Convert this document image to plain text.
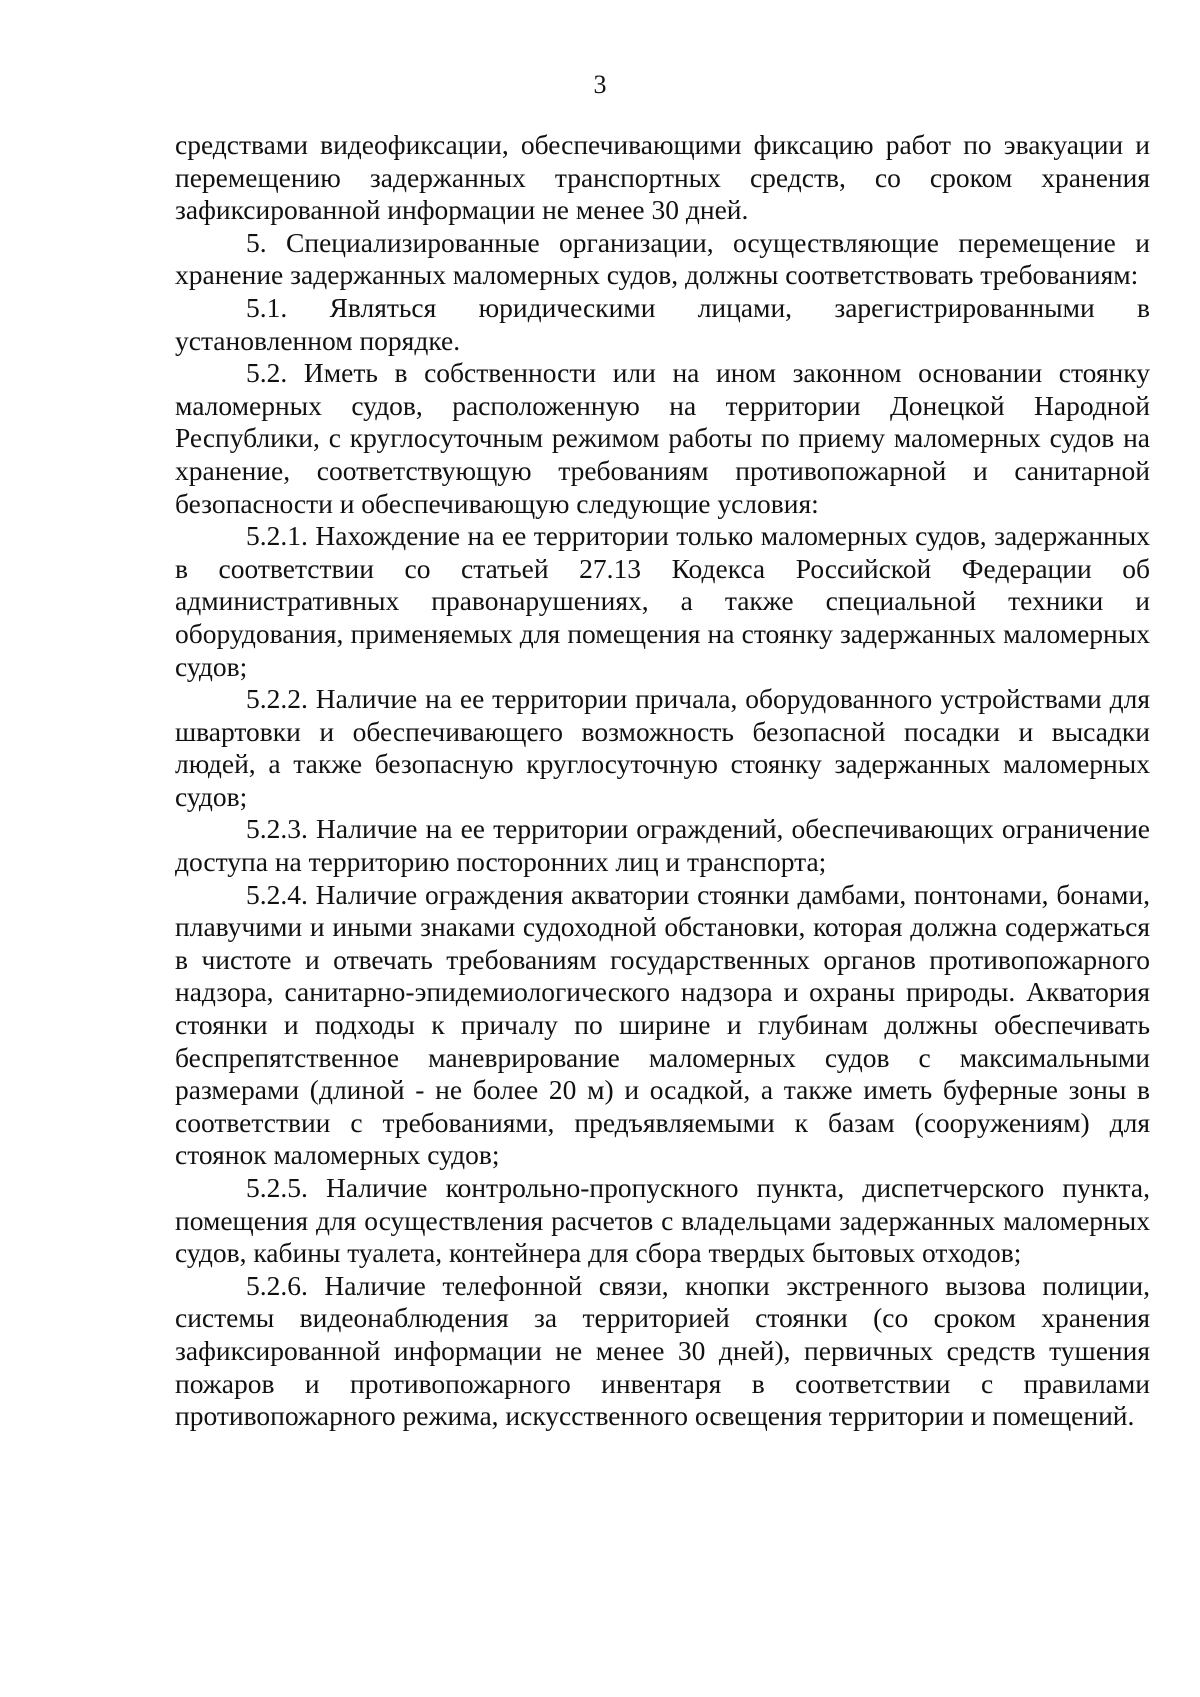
3

средствами видеофиксации, обеспечивающими фиксацию работ по эвакуации и перемещению задержанных транспортных средств, со сроком хранения зафиксированной информации не менее 30 дней.

5. Специализированные организации, осуществляющие перемещение и хранение задержанных маломерных судов, должны соответствовать требованиям:

5.1. Являться юридическими лицами, зарегистрированными в установленном порядке.

5.2. Иметь в собственности или на ином законном основании стоянку маломерных судов, расположенную на территории Донецкой Народной Республики, с круглосуточным режимом работы по приему маломерных судов на хранение, соответствующую требованиям противопожарной и санитарной безопасности и обеспечивающую следующие условия:

5.2.1. Нахождение на ее территории только маломерных судов, задержанных в соответствии со статьей 27.13 Кодекса Российской Федерации об административных правонарушениях, а также специальной техники и оборудования, применяемых для помещения на стоянку задержанных маломерных судов;

5.2.2. Наличие на ее территории причала, оборудованного устройствами для швартовки и обеспечивающего возможность безопасной посадки и высадки людей, а также безопасную круглосуточную стоянку задержанных маломерных судов;

5.2.3. Наличие на ее территории ограждений, обеспечивающих ограничение доступа на территорию посторонних лиц и транспорта;

5.2.4. Наличие ограждения акватории стоянки дамбами, понтонами, бонами, плавучими и иными знаками судоходной обстановки, которая должна содержаться в чистоте и отвечать требованиям государственных органов противопожарного надзора, санитарно-эпидемиологического надзора и охраны природы. Акватория стоянки и подходы к причалу по ширине и глубинам должны обеспечивать беспрепятственное маневрирование маломерных судов с максимальными размерами (длиной - не более 20 м) и осадкой, а также иметь буферные зоны в соответствии с требованиями, предъявляемыми к базам (сооружениям) для стоянок маломерных судов;

5.2.5. Наличие контрольно-пропускного пункта, диспетчерского пункта, помещения для осуществления расчетов с владельцами задержанных маломерных судов, кабины туалета, контейнера для сбора твердых бытовых отходов;

5.2.6. Наличие телефонной связи, кнопки экстренного вызова полиции, системы видеонаблюдения за территорией стоянки (со сроком хранения зафиксированной информации не менее 30 дней), первичных средств тушения пожаров и противопожарного инвентаря в соответствии с правилами противопожарного режима, искусственного освещения территории и помещений.
